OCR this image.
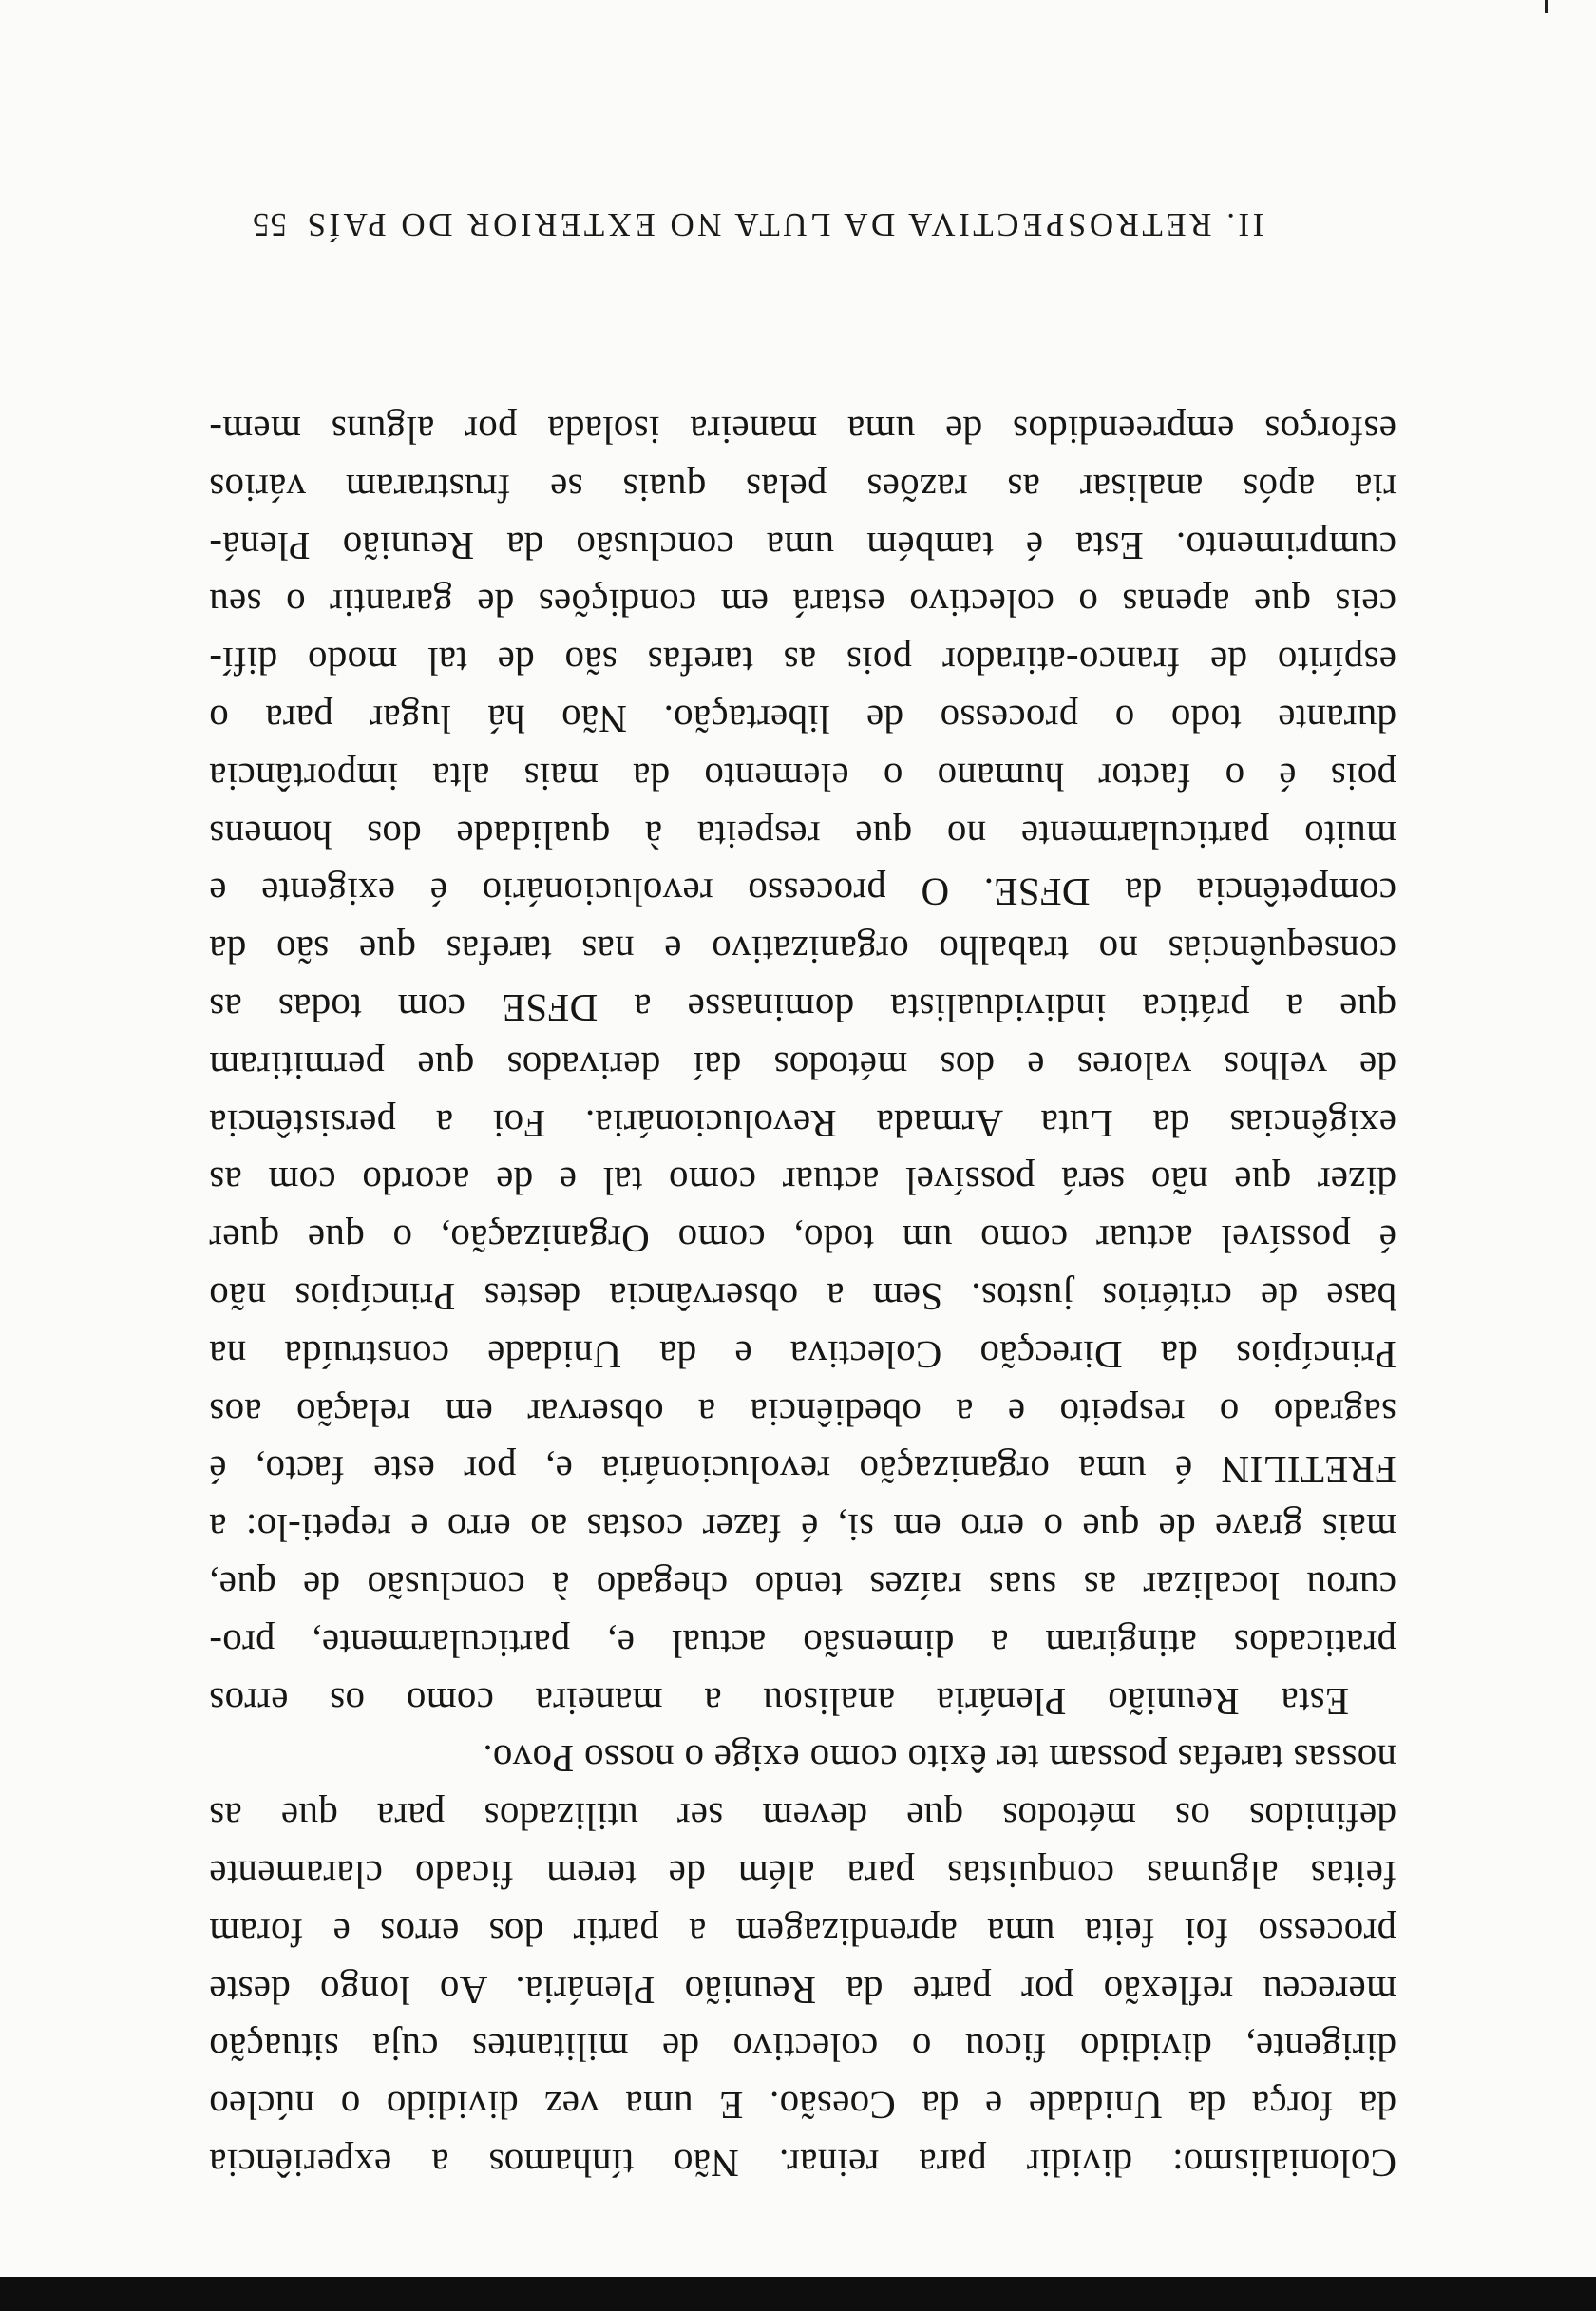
Colonialismo: dividir para reinar. Não tínhamos a experiência
da força da Unidade e da Coesão. E uma vez dividido o núcleo
dirigente, dividido ficou o colectivo de militantes cuja situação
mereceu reflexão por parte da Reunião Plenária. Ao longo deste
processo foi feita uma aprendizagem a partir dos erros e foram
feitas algumas conquistas para além de terem ficado claramente
definidos os métodos que devem ser utilizados para que as
nossas tarefas possam ter êxito como exige o nosso Povo.
Esta Reunião Plenária analisou a maneira como os erros
praticados atingiram a dimensão actual e, particularmente, pro-
curou localizar as suas raízes tendo chegado à conclusão de que,
mais grave de que o erro em si, é fazer costas ao erro e repeti-lo: a
FRETILIN é uma organização revolucionária e, por este facto, é
sagrado o respeito e a obediência a observar em relação aos
Princípios da Direcção Colectiva e da Unidade construída na
base de critérios justos. Sem a observância destes Princípios não
é possível actuar como um todo, como Organização, o que quer
dizer que não será possível actuar como tal e de acordo com as
exigências da Luta Armada Revolucionária. Foi a persistência
de velhos valores e dos métodos daí derivados que permitiram
que a prática individualista dominasse a DFSE com todas as
consequências no trabalho organizativo e nas tarefas que são da
competência da DFSE. O processo revolucionário é exigente e
muito particularmente no que respeita à qualidade dos homens
pois é o factor humano o elemento da mais alta importância
durante todo o processo de libertação. Não há lugar para o
espírito de franco-atirador pois as tarefas são de tal modo difí-
ceis que apenas o colectivo estará em condições de garantir o seu
cumprimento. Esta é também uma conclusão da Reunião Plená-
ria após analisar as razões pelas quais se frustraram vários
esforços empreendidos de uma maneira isolada por alguns mem-
II. RETROSPECTIVA DA LUTA NO EXTERIOR DO PAÍS55
